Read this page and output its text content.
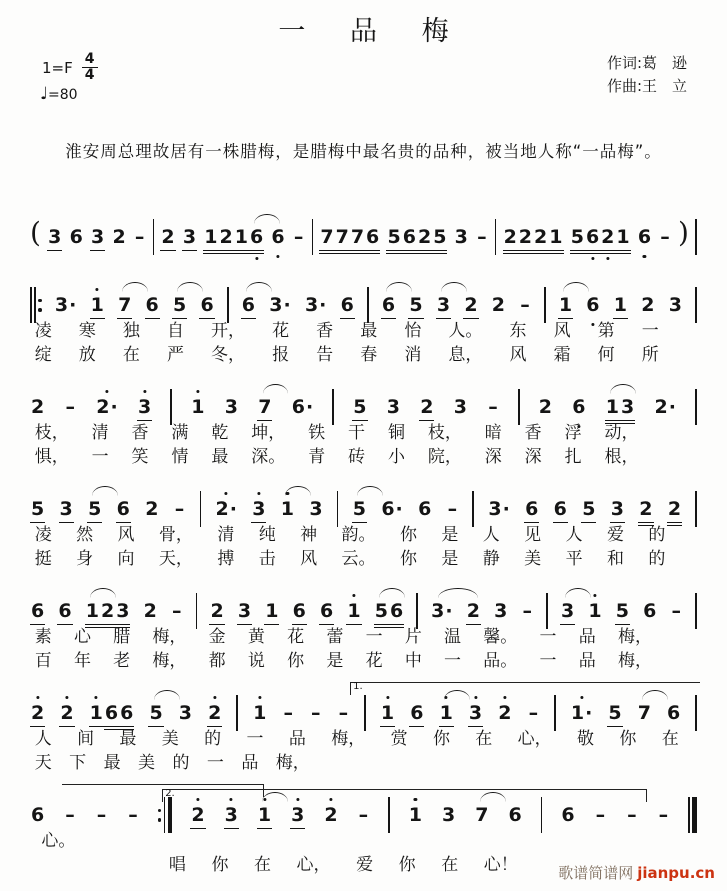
一 品 梅
$1=F \frac{4}{4}$
♩=80
作词:葛　逊
作曲:王　立
淮安周总理故居有一株腊梅，是腊梅中最名贵的品种，被当地人称“一品梅”。
( 3 6 3 2 – 2 3 1 2 1 6 6 – 7 7 7 6 5 6 2 5 3 – 2 2 2 1 5 6 2 1 6 – )
3· 1 7 6 5 6 6 3· 3· 6 6 5 3 2 2 – 1 6 1 2 3
凌 寒 独 自 开， 花 香 最 怡 人。 东 风 第 一
绽 放 在 严 冬， 报 告 春 消 息， 风 霜 何 所
2 – 2· 3 1 3 7 6· 5 3 2 3 – 2 6 1 3 2·
枝， 清 香 满 乾 坤， 铁 干 铜 枝， 暗 香 浮 动，
惧， 一 笑 情 最 深。 青 砖 小 院， 深 深 扎 根，
5 3 5 6 2 – 2· 3 1 3 5 6· 6 – 3· 6 6 5 3 2 2
凌 然 风 骨， 清 纯 神 韵。 你 是 人 见 人 爱 的
挺 身 向 天， 搏 击 风 云。 你 是 静 美 平 和 的
6 6 1 2 3 2 – 2 3 1 6 6 1 5 6 3· 2 3 – 3 1 5 6 –
素 心 腊 梅， 金 黄 花 蕾 一 片 温 馨。 一 品 梅，
百 年 老 梅， 都 说 你 是 花 中 一 品。 一 品 梅，
1.
2 2 1 6 6 5 3 2 1 – – – 1 6 1 3 2 – 1· 5 7 6
人 间 最 美 的 一 品 梅， 赏 你 在 心， 敬 你 在
天 下 最 美 的 一 品 梅，
2.
6 – – –	2 3 1 3 2 – 1 3 7 6 6 – – –
心。
唱 你 在 心， 爱 你 在 心！	歌谱简谱网 jianpu.cn
